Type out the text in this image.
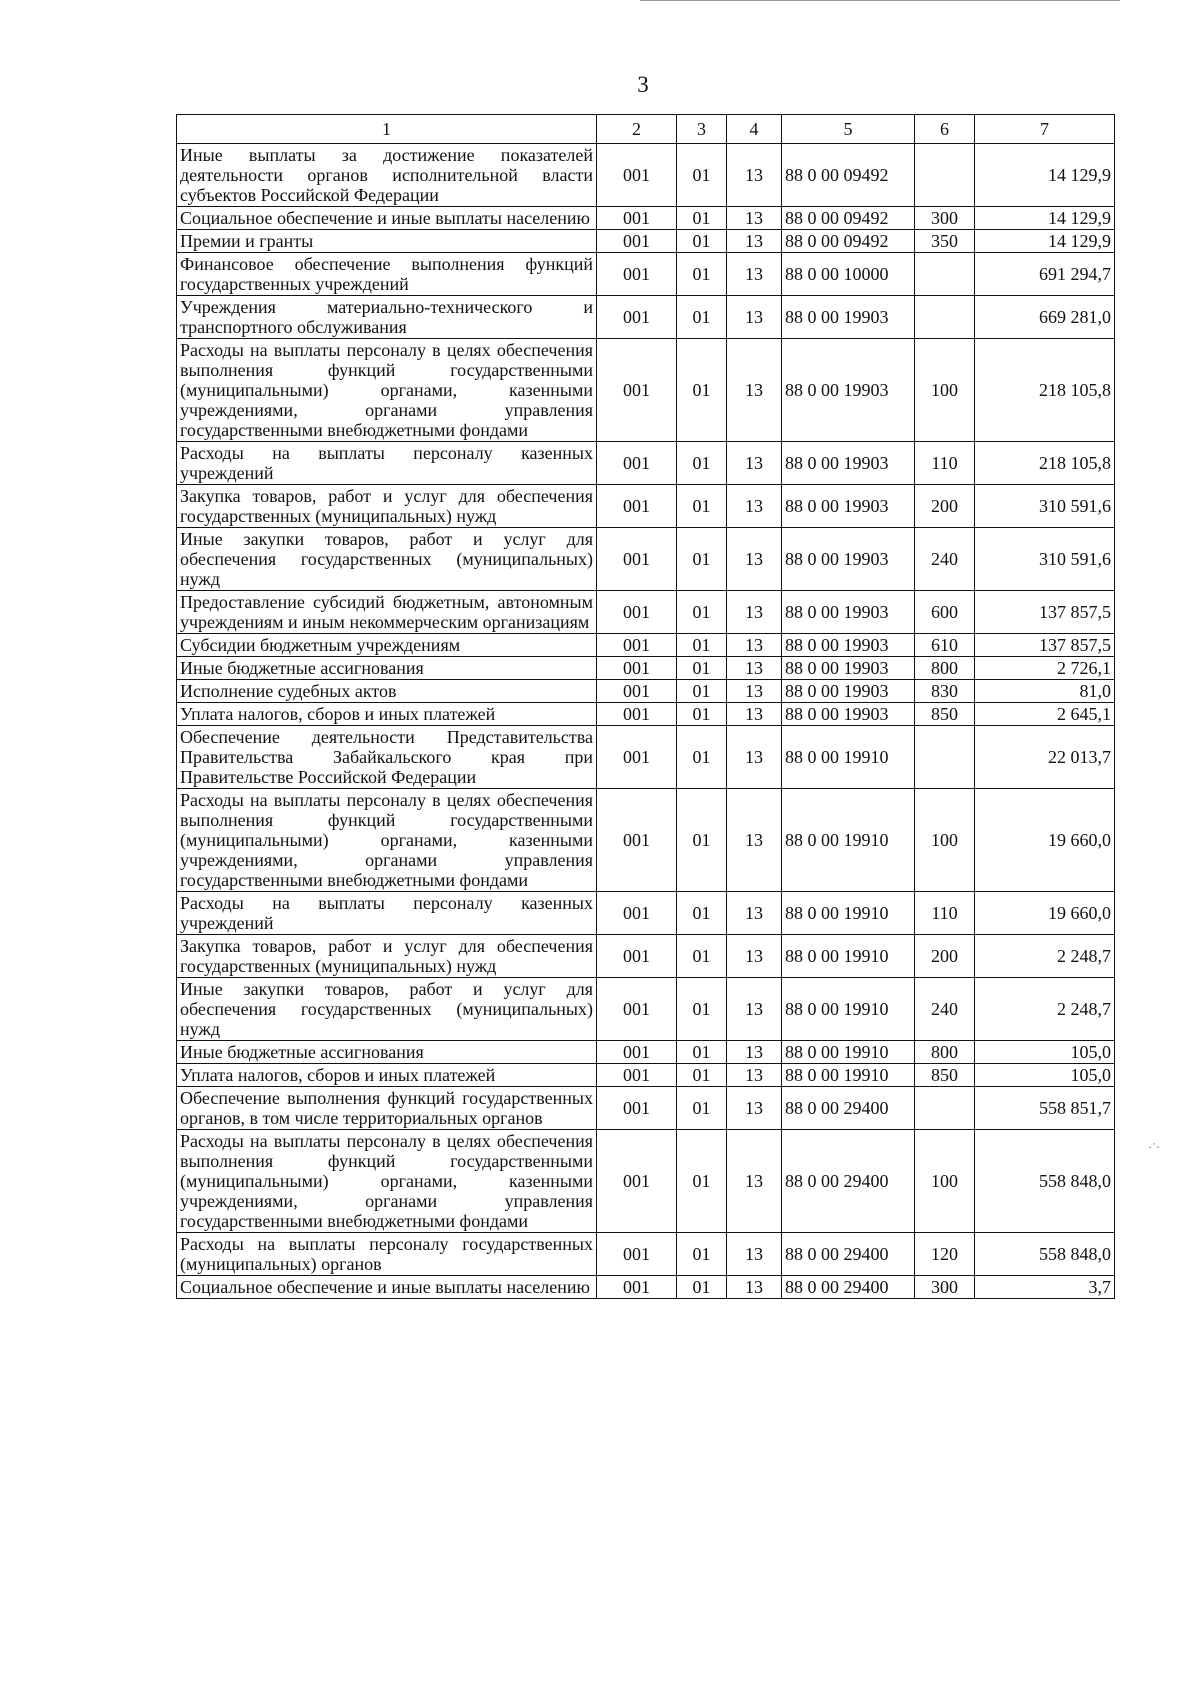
3
1	2	3	4	5	6	7
Иные выплаты за достижение показателей деятельности органов исполнительной власти субъектов Российской Федерации	001	01	13	88 0 00 09492		14 129,9
Социальное обеспечение и иные выплаты населению	001	01	13	88 0 00 09492	300	14 129,9
Премии и гранты	001	01	13	88 0 00 09492	350	14 129,9
Финансовое обеспечение выполнения функций государственных учреждений	001	01	13	88 0 00 10000		691 294,7
Учреждения материально-технического и транспортного обслуживания	001	01	13	88 0 00 19903		669 281,0
Расходы на выплаты персоналу в целях обеспечения выполнения функций государственными (муниципальными) органами, казенными учреждениями, органами управления государственными внебюджетными фондами	001	01	13	88 0 00 19903	100	218 105,8
Расходы на выплаты персоналу казенных учреждений	001	01	13	88 0 00 19903	110	218 105,8
Закупка товаров, работ и услуг для обеспечения государственных (муниципальных) нужд	001	01	13	88 0 00 19903	200	310 591,6
Иные закупки товаров, работ и услуг для обеспечения государственных (муниципальных) нужд	001	01	13	88 0 00 19903	240	310 591,6
Предоставление субсидий бюджетным, автономным учреждениям и иным некоммерческим организациям	001	01	13	88 0 00 19903	600	137 857,5
Субсидии бюджетным учреждениям	001	01	13	88 0 00 19903	610	137 857,5
Иные бюджетные ассигнования	001	01	13	88 0 00 19903	800	2 726,1
Исполнение судебных актов	001	01	13	88 0 00 19903	830	81,0
Уплата налогов, сборов и иных платежей	001	01	13	88 0 00 19903	850	2 645,1
Обеспечение деятельности Представительства Правительства Забайкальского края при Правительстве Российской Федерации	001	01	13	88 0 00 19910		22 013,7
Расходы на выплаты персоналу в целях обеспечения выполнения функций государственными (муниципальными) органами, казенными учреждениями, органами управления государственными внебюджетными фондами	001	01	13	88 0 00 19910	100	19 660,0
Расходы на выплаты персоналу казенных учреждений	001	01	13	88 0 00 19910	110	19 660,0
Закупка товаров, работ и услуг для обеспечения государственных (муниципальных) нужд	001	01	13	88 0 00 19910	200	2 248,7
Иные закупки товаров, работ и услуг для обеспечения государственных (муниципальных) нужд	001	01	13	88 0 00 19910	240	2 248,7
Иные бюджетные ассигнования	001	01	13	88 0 00 19910	800	105,0
Уплата налогов, сборов и иных платежей	001	01	13	88 0 00 19910	850	105,0
Обеспечение выполнения функций государственных органов, в том числе территориальных органов	001	01	13	88 0 00 29400		558 851,7
Расходы на выплаты персоналу в целях обеспечения выполнения функций государственными (муниципальными) органами, казенными учреждениями, органами управления государственными внебюджетными фондами	001	01	13	88 0 00 29400	100	558 848,0
Расходы на выплаты персоналу государственных (муниципальных) органов	001	01	13	88 0 00 29400	120	558 848,0
Социальное обеспечение и иные выплаты населению	001	01	13	88 0 00 29400	300	3,7
·˙·
